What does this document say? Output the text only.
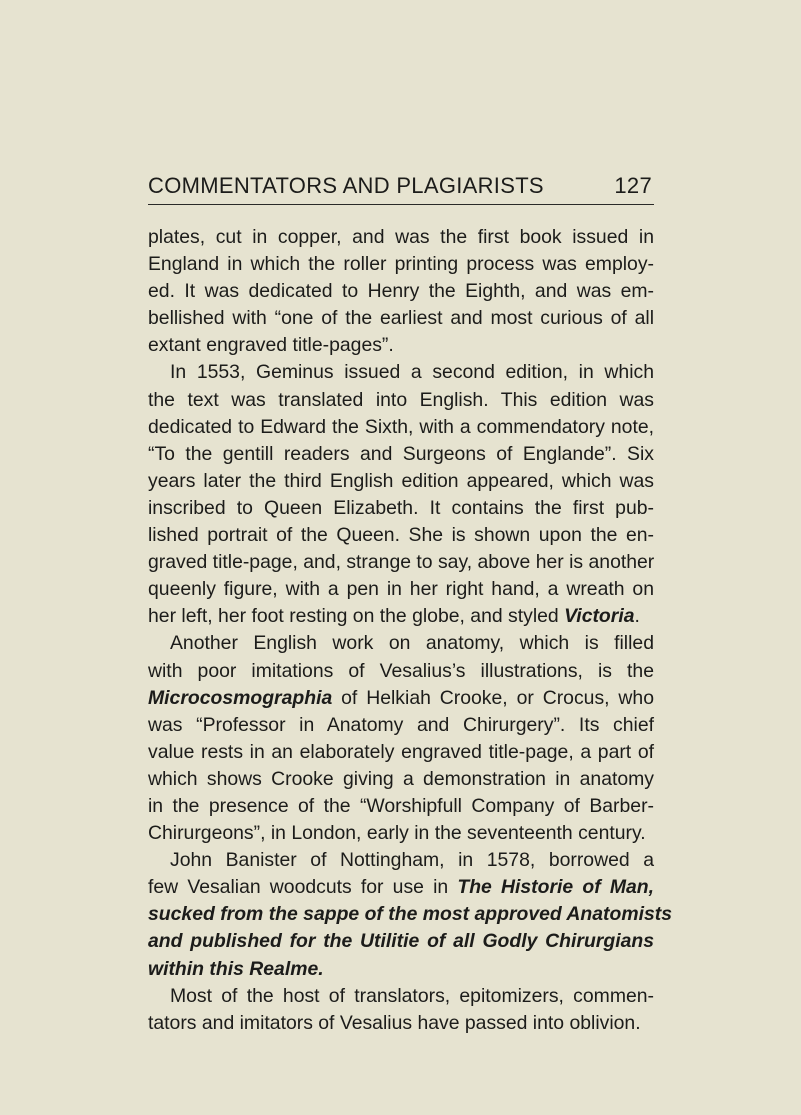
COMMENTATORS AND PLAGIARISTS	127
plates, cut in copper, and was the first book issued in
England in which the roller printing process was employ-
ed. It was dedicated to Henry the Eighth, and was em-
bellished with “one of the earliest and most curious of all
extant engraved title-pages”.
In 1553, Geminus issued a second edition, in which
the text was translated into English. This edition was
dedicated to Edward the Sixth, with a commendatory note,
“To the gentill readers and Surgeons of Englande”. Six
years later the third English edition appeared, which was
inscribed to Queen Elizabeth. It contains the first pub-
lished portrait of the Queen. She is shown upon the en-
graved title-page, and, strange to say, above her is another
queenly figure, with a pen in her right hand, a wreath on
her left, her foot resting on the globe, and styled Victoria.
Another English work on anatomy, which is filled
with poor imitations of Vesalius’s illustrations, is the
Microcosmographia of Helkiah Crooke, or Crocus, who
was “Professor in Anatomy and Chirurgery”. Its chief
value rests in an elaborately engraved title-page, a part of
which shows Crooke giving a demonstration in anatomy
in the presence of the “Worshipfull Company of Barber-
Chirurgeons”, in London, early in the seventeenth century.
John Banister of Nottingham, in 1578, borrowed a
few Vesalian woodcuts for use in The Historie of Man,
sucked from the sappe of the most approved Anatomists
and published for the Utilitie of all Godly Chirurgians
within this Realme.
Most of the host of translators, epitomizers, commen-
tators and imitators of Vesalius have passed into oblivion.
